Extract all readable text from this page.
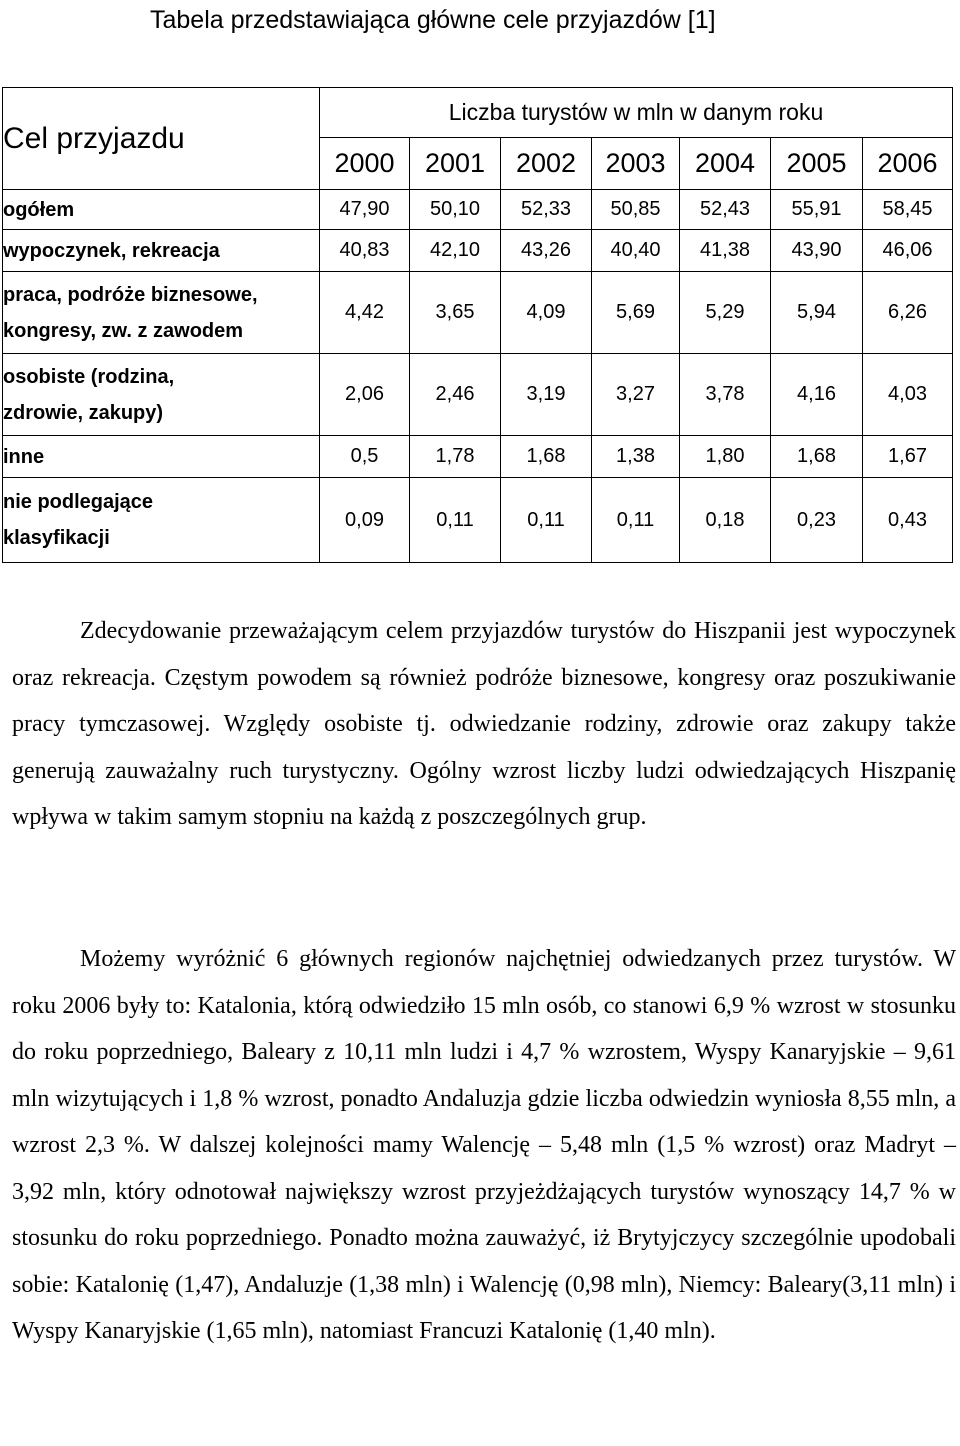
Tabela przedstawiająca główne cele przyjazdów [1]
Cel przyjazdu	Liczba turystów w mln w danym roku						
	2000	2001	2002	2003	2004	2005	2006
ogółem	47,90	50,10	52,33	50,85	52,43	55,91	58,45
wypoczynek, rekreacja	40,83	42,10	43,26	40,40	41,38	43,90	46,06
praca, podróże biznesowe, kongresy, zw. z zawodem	4,42	3,65	4,09	5,69	5,29	5,94	6,26
osobiste (rodzina, zdrowie, zakupy)	2,06	2,46	3,19	3,27	3,78	4,16	4,03
inne	0,5	1,78	1,68	1,38	1,80	1,68	1,67
nie podlegające klasyfikacji	0,09	0,11	0,11	0,11	0,18	0,23	0,43

Zdecydowanie przeważającym celem przyjazdów turystów do Hiszpanii jest wypoczynek oraz rekreacja. Częstym powodem są również podróże biznesowe, kongresy oraz poszukiwanie pracy tymczasowej. Względy osobiste tj. odwiedzanie rodziny, zdrowie oraz zakupy także generują zauważalny ruch turystyczny. Ogólny wzrost liczby ludzi odwiedzających Hiszpanię wpływa w takim samym stopniu na każdą z poszczególnych grup.

Możemy wyróżnić 6 głównych regionów najchętniej odwiedzanych przez turystów. W roku 2006 były to: Katalonia, którą odwiedziło 15 mln osób, co stanowi 6,9 % wzrost w stosunku do roku poprzedniego, Baleary z 10,11 mln ludzi i 4,7 % wzrostem, Wyspy Kanaryjskie – 9,61 mln wizytujących i 1,8 % wzrost, ponadto Andaluzja gdzie liczba odwiedzin wyniosła 8,55 mln, a wzrost 2,3 %. W dalszej kolejności mamy Walencję – 5,48 mln (1,5 % wzrost) oraz Madryt – 3,92 mln, który odnotował największy wzrost przyjeżdżających turystów wynoszący 14,7 % w stosunku do roku poprzedniego. Ponadto można zauważyć, iż Brytyjczycy szczególnie upodobali sobie: Katalonię (1,47), Andaluzje (1,38 mln) i Walencję (0,98 mln), Niemcy: Baleary(3,11 mln) i Wyspy Kanaryjskie (1,65 mln), natomiast Francuzi Katalonię (1,40 mln).
